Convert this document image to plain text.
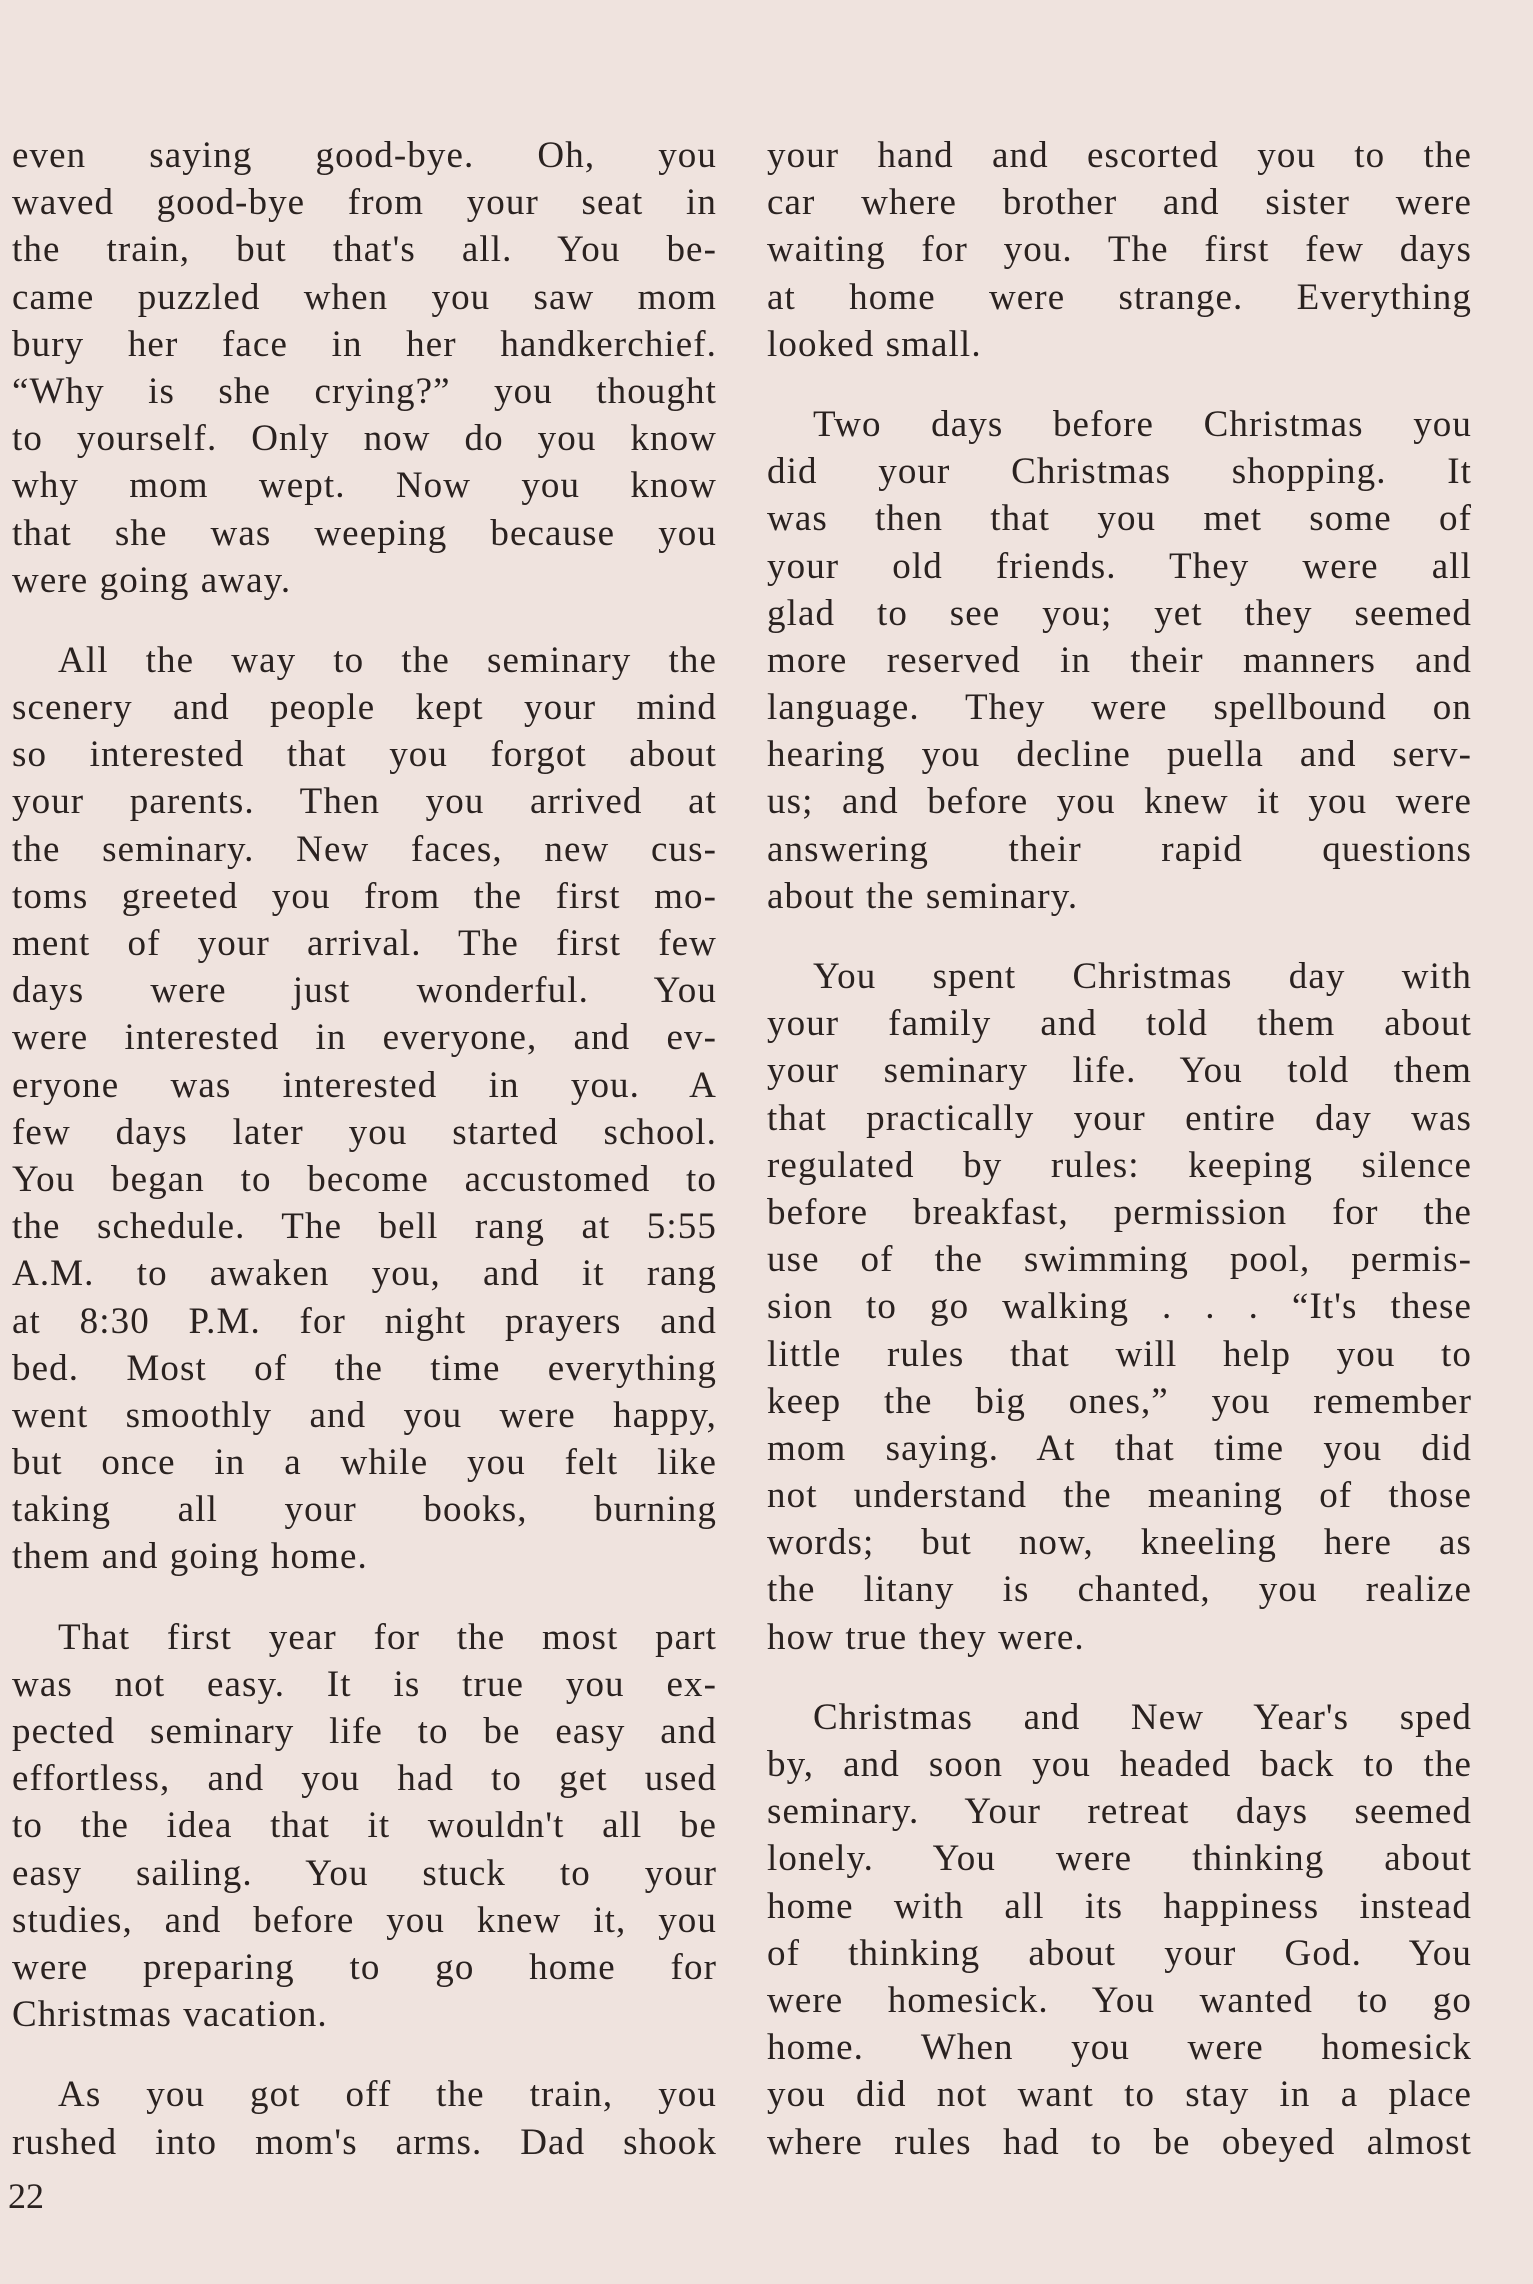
even saying good-bye. Oh, you
waved good-bye from your seat in
the train, but that's all. You be-
came puzzled when you saw mom
bury her face in her handkerchief.
“Why is she crying?” you thought
to yourself. Only now do you know
why mom wept. Now you know
that she was weeping because you
were going away.
All the way to the seminary the
scenery and people kept your mind
so interested that you forgot about
your parents. Then you arrived at
the seminary. New faces, new cus-
toms greeted you from the first mo-
ment of your arrival. The first few
days were just wonderful. You
were interested in everyone, and ev-
eryone was interested in you. A
few days later you started school.
You began to become accustomed to
the schedule. The bell rang at 5:55
A.M. to awaken you, and it rang
at 8:30 P.M. for night prayers and
bed. Most of the time everything
went smoothly and you were happy,
but once in a while you felt like
taking all your books, burning
them and going home.
That first year for the most part
was not easy. It is true you ex-
pected seminary life to be easy and
effortless, and you had to get used
to the idea that it wouldn't all be
easy sailing. You stuck to your
studies, and before you knew it, you
were preparing to go home for
Christmas vacation.
As you got off the train, you
rushed into mom's arms. Dad shook
your hand and escorted you to the
car where brother and sister were
waiting for you. The first few days
at home were strange. Everything
looked small.
Two days before Christmas you
did your Christmas shopping. It
was then that you met some of
your old friends. They were all
glad to see you; yet they seemed
more reserved in their manners and
language. They were spellbound on
hearing you decline puella and serv-
us; and before you knew it you were
answering their rapid questions
about the seminary.
You spent Christmas day with
your family and told them about
your seminary life. You told them
that practically your entire day was
regulated by rules: keeping silence
before breakfast, permission for the
use of the swimming pool, permis-
sion to go walking . . . “It's these
little rules that will help you to
keep the big ones,” you remember
mom saying. At that time you did
not understand the meaning of those
words; but now, kneeling here as
the litany is chanted, you realize
how true they were.
Christmas and New Year's sped
by, and soon you headed back to the
seminary. Your retreat days seemed
lonely. You were thinking about
home with all its happiness instead
of thinking about your God. You
were homesick. You wanted to go
home. When you were homesick
you did not want to stay in a place
where rules had to be obeyed almost
22
